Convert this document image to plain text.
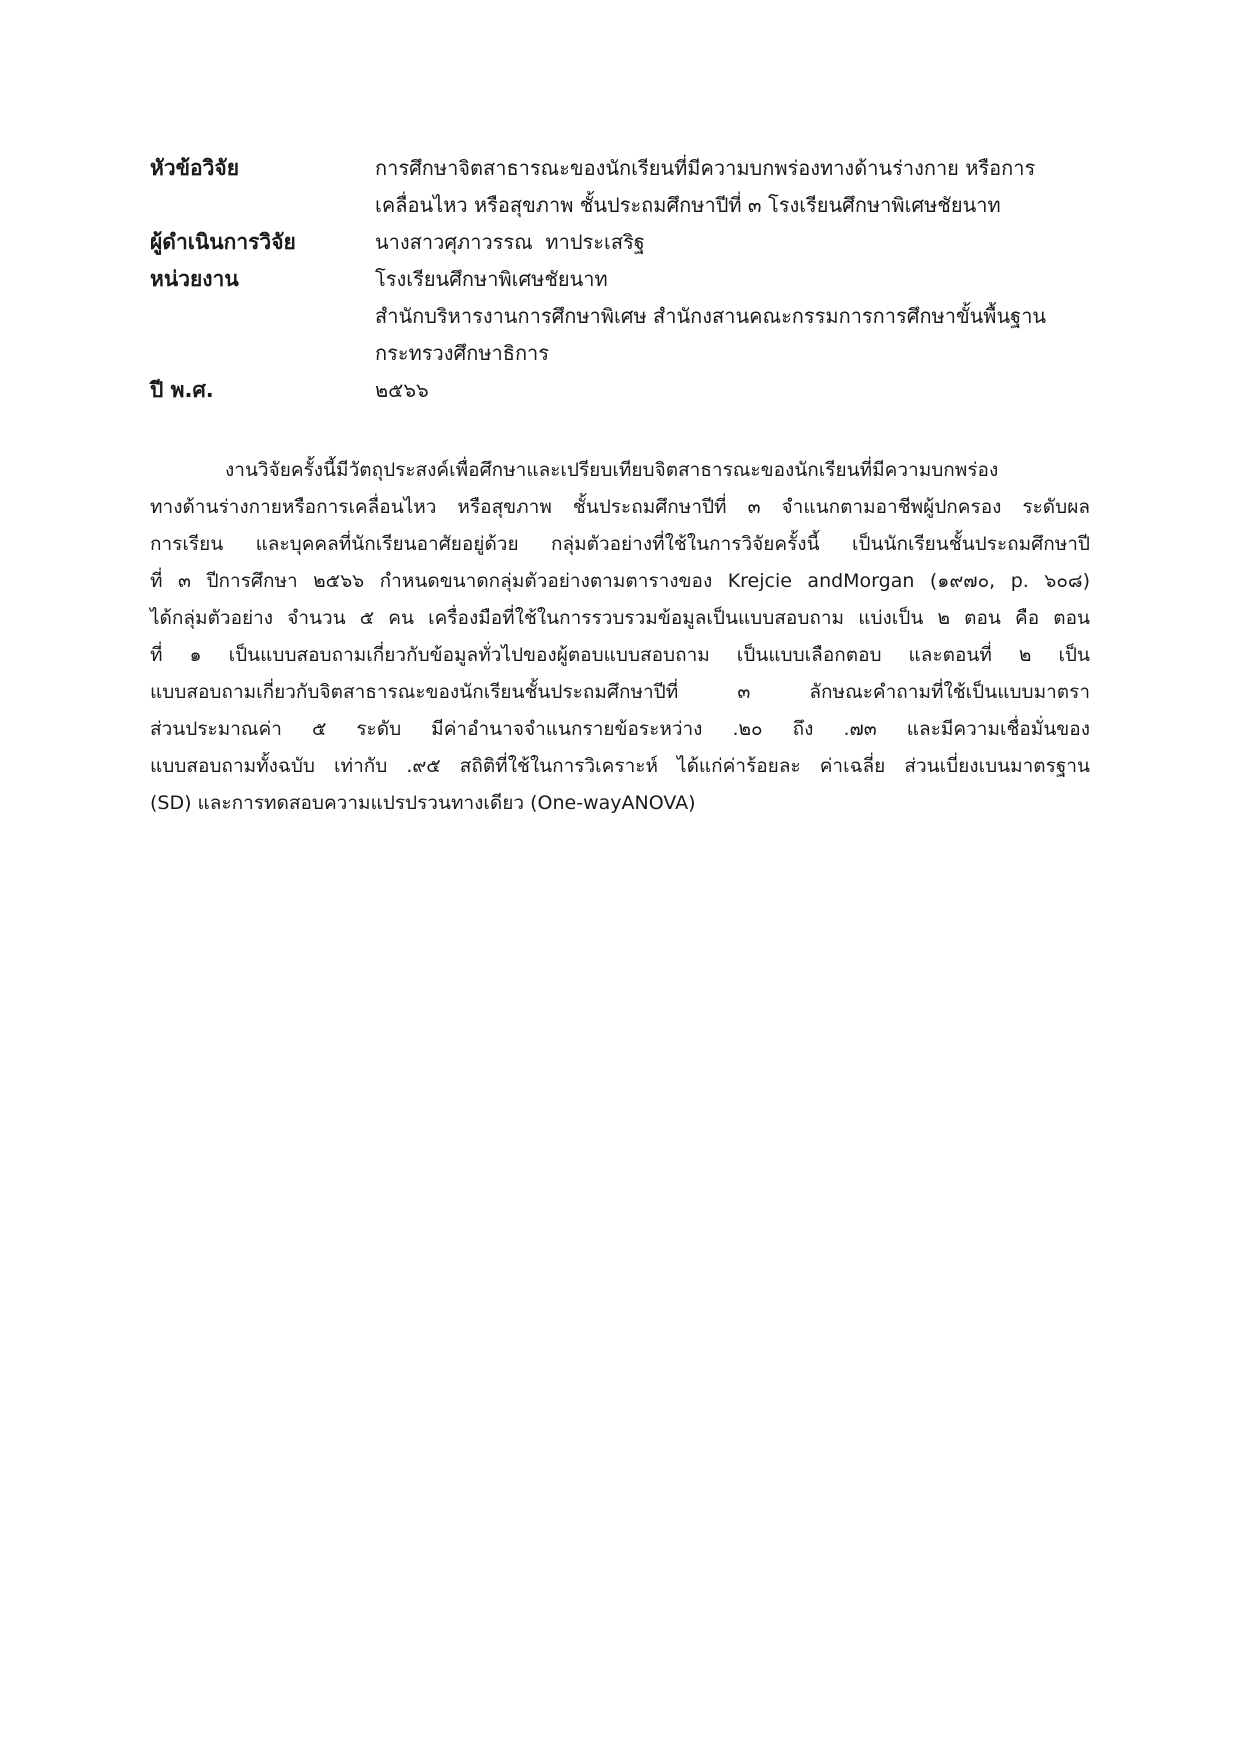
หัวข้อวิจัย	การศึกษาจิตสาธารณะของนักเรียนที่มีความบกพร่องทางด้านร่างกาย หรือการ
เคลื่อนไหว หรือสุขภาพ ชั้นประถมศึกษาปีที่ ๓ โรงเรียนศึกษาพิเศษชัยนาท
ผู้ดำเนินการวิจัย	นางสาวศุภาวรรณ  ทาประเสริฐ
หน่วยงาน	โรงเรียนศึกษาพิเศษชัยนาท
สำนักบริหารงานการศึกษาพิเศษ สำนักงสานคณะกรรมการการศึกษาขั้นพื้นฐาน
กระทรวงศึกษาธิการ
ปี พ.ศ.	๒๕๖๖
งานวิจัยครั้งนี้มีวัตถุประสงค์เพื่อศึกษาและเปรียบเทียบจิตสาธารณะของนักเรียนที่มีความบกพร่อง
ทางด้านร่างกายหรือการเคลื่อนไหว หรือสุขภาพ ชั้นประถมศึกษาปีที่ ๓ จำแนกตามอาชีพผู้ปกครอง ระดับผล
การเรียน และบุคคลที่นักเรียนอาศัยอยู่ด้วย กลุ่มตัวอย่างที่ใช้ในการวิจัยครั้งนี้ เป็นนักเรียนชั้นประถมศึกษาปี
ที่ ๓ ปีการศึกษา ๒๕๖๖ กำหนดขนาดกลุ่มตัวอย่างตามตารางของ Krejcie andMorgan (๑๙๗๐, p. ๖๐๘)
ได้กลุ่มตัวอย่าง จำนวน ๕ คน เครื่องมือที่ใช้ในการรวบรวมข้อมูลเป็นแบบสอบถาม แบ่งเป็น ๒ ตอน คือ ตอน
ที่ ๑ เป็นแบบสอบถามเกี่ยวกับข้อมูลทั่วไปของผู้ตอบแบบสอบถาม เป็นแบบเลือกตอบ และตอนที่ ๒ เป็น
แบบสอบถามเกี่ยวกับจิตสาธารณะของนักเรียนชั้นประถมศึกษาปีที่ ๓ ลักษณะคำถามที่ใช้เป็นแบบมาตรา
ส่วนประมาณค่า ๕ ระดับ มีค่าอำนาจจำแนกรายข้อระหว่าง .๒๐ ถึง .๗๓ และมีความเชื่อมั่นของ
แบบสอบถามทั้งฉบับ เท่ากับ .๙๕ สถิติที่ใช้ในการวิเคราะห์ ได้แก่ค่าร้อยละ ค่าเฉลี่ย ส่วนเบี่ยงเบนมาตรฐาน
(SD) และการทดสอบความแปรปรวนทางเดียว (One-wayANOVA)
